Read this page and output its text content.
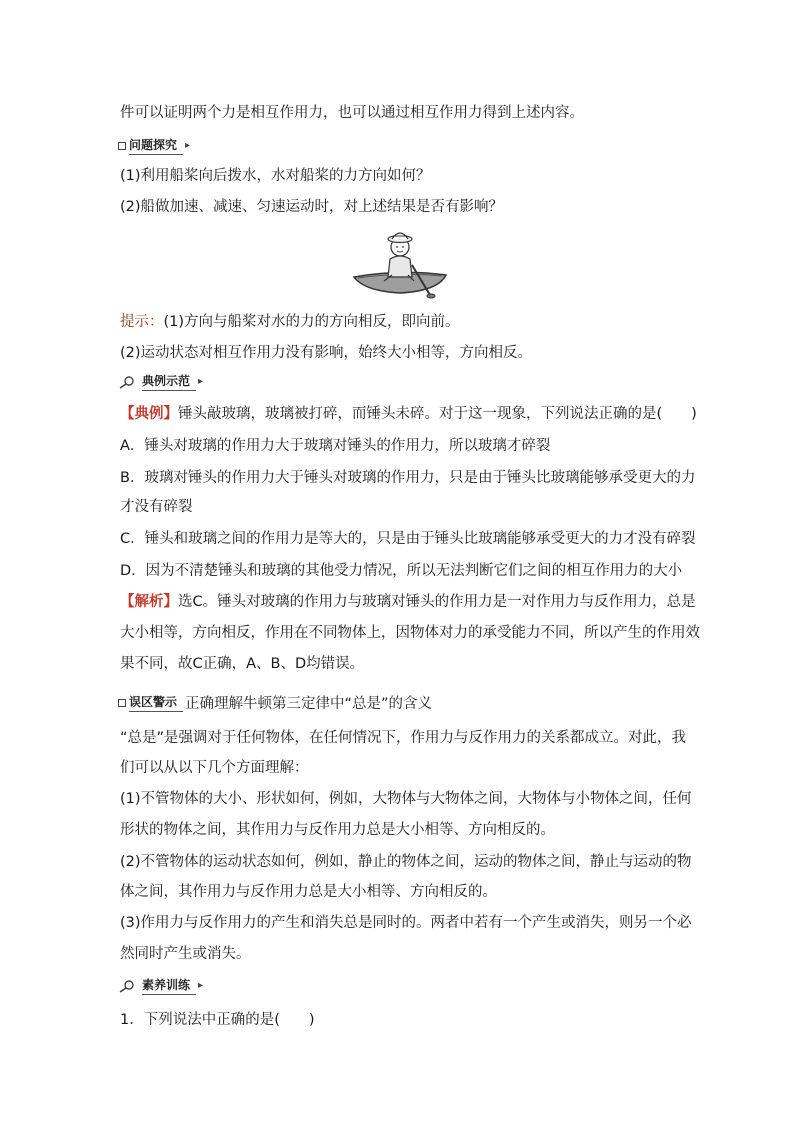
件可以证明两个力是相互作用力，也可以通过相互作用力得到上述内容。
问题探究 ▸
(1)利用船桨向后拨水，水对船桨的力方向如何？
(2)船做加速、减速、匀速运动时，对上述结果是否有影响？
提示：(1)方向与船桨对水的力的方向相反，即向前。
(2)运动状态对相互作用力没有影响，始终大小相等，方向相反。
典例示范 ▸
【典例】锤头敲玻璃，玻璃被打碎，而锤头未碎。对于这一现象，下列说法正确的是(　　)
A．锤头对玻璃的作用力大于玻璃对锤头的作用力，所以玻璃才碎裂
B．玻璃对锤头的作用力大于锤头对玻璃的作用力，只是由于锤头比玻璃能够承受更大的力
才没有碎裂
C．锤头和玻璃之间的作用力是等大的，只是由于锤头比玻璃能够承受更大的力才没有碎裂
D．因为不清楚锤头和玻璃的其他受力情况，所以无法判断它们之间的相互作用力的大小
【解析】选C。锤头对玻璃的作用力与玻璃对锤头的作用力是一对作用力与反作用力，总是
大小相等，方向相反，作用在不同物体上，因物体对力的承受能力不同，所以产生的作用效
果不同，故C正确，A、B、D均错误。
误区警示 正确理解牛顿第三定律中“总是”的含义
“总是”是强调对于任何物体，在任何情况下，作用力与反作用力的关系都成立。对此，我
们可以从以下几个方面理解：
(1)不管物体的大小、形状如何，例如，大物体与大物体之间，大物体与小物体之间，任何
形状的物体之间，其作用力与反作用力总是大小相等、方向相反的。
(2)不管物体的运动状态如何，例如，静止的物体之间，运动的物体之间，静止与运动的物
体之间，其作用力与反作用力总是大小相等、方向相反的。
(3)作用力与反作用力的产生和消失总是同时的。两者中若有一个产生或消失，则另一个必
然同时产生或消失。
素养训练 ▸
1．下列说法中正确的是(　　)
